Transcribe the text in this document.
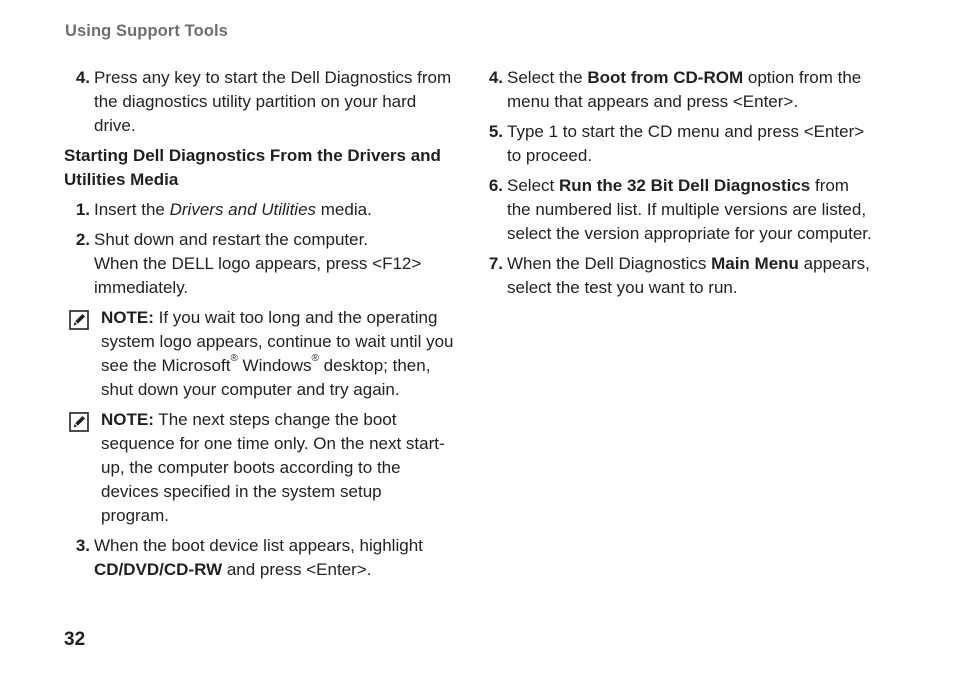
Using Support Tools
4. Press any key to start the Dell Diagnostics from the diagnostics utility partition on your hard drive.
Starting Dell Diagnostics From the Drivers and Utilities Media
1. Insert the Drivers and Utilities media.
2. Shut down and restart the computer.
When the DELL logo appears, press <F12> immediately.
NOTE: If you wait too long and the operating system logo appears, continue to wait until you see the Microsoft® Windows® desktop; then, shut down your computer and try again.
NOTE: The next steps change the boot sequence for one time only. On the next start-up, the computer boots according to the devices specified in the system setup program.
3. When the boot device list appears, highlight CD/DVD/CD-RW and press <Enter>.
4. Select the Boot from CD-ROM option from the menu that appears and press <Enter>.
5. Type 1 to start the CD menu and press <Enter> to proceed.
6. Select Run the 32 Bit Dell Diagnostics from the numbered list. If multiple versions are listed, select the version appropriate for your computer.
7. When the Dell Diagnostics Main Menu appears, select the test you want to run.
32
